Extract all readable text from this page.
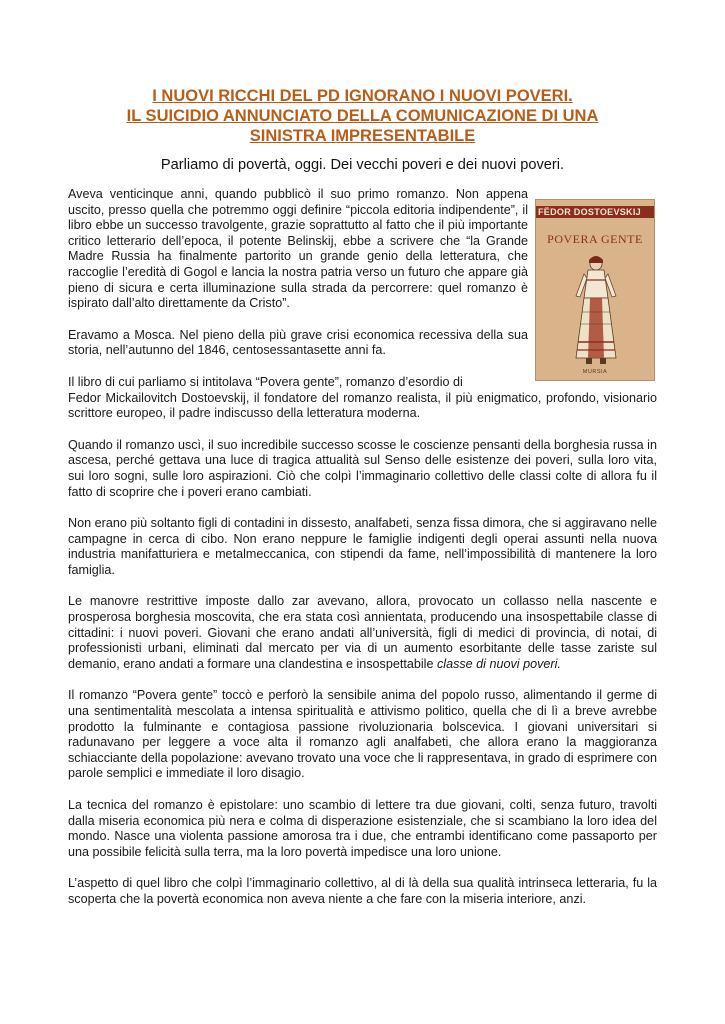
I NUOVI RICCHI DEL PD IGNORANO I NUOVI POVERI.
IL SUICIDIO ANNUNCIATO DELLA COMUNICAZIONE DI UNA
SINISTRA IMPRESENTABILE
Parliamo di povertà, oggi. Dei vecchi poveri e dei nuovi poveri.

Aveva venticinque anni, quando pubblicò il suo primo romanzo. Non appena uscito, presso quella che potremmo oggi definire “piccola editoria indipendente”, il libro ebbe un successo travolgente, grazie soprattutto al fatto che il più importante critico letterario dell’epoca, il potente Belinskij, ebbe a scrivere che “la Grande Madre Russia ha finalmente partorito un grande genio della letteratura, che raccoglie l’eredità di Gogol e lancia la nostra patria verso un futuro che appare già pieno di sicura e certa illuminazione sulla strada da percorrere: quel romanzo è ispirato dall’alto direttamente da Cristo”.

Eravamo a Mosca. Nel pieno della più grave crisi economica recessiva della sua storia, nell’autunno del 1846, centosessantasette anni fa.

Il libro di cui parliamo si intitolava “Povera gente”, romanzo d’esordio di
Fedor Mickailovitch Dostoevskij, il fondatore del romanzo realista, il più enigmatico, profondo, visionario scrittore europeo, il padre indiscusso della letteratura moderna.

Quando il romanzo uscì, il suo incredibile successo scosse le coscienze pensanti della borghesia russa in ascesa, perché gettava una luce di tragica attualità sul Senso delle esistenze dei poveri, sulla loro vita, sui loro sogni, sulle loro aspirazioni. Ciò che colpì l’immaginario collettivo delle classi colte di allora fu il fatto di scoprire che i poveri erano cambiati.

Non erano più soltanto figli di contadini in dissesto, analfabeti, senza fissa dimora, che si aggiravano nelle campagne in cerca di cibo. Non erano neppure le famiglie indigenti degli operai assunti nella nuova industria manifatturiera e metalmeccanica, con stipendi da fame, nell’impossibilità di mantenere la loro famiglia.

Le manovre restrittive imposte dallo zar avevano, allora, provocato un collasso nella nascente e prosperosa borghesia moscovita, che era stata così annientata, producendo una insospettabile classe di cittadini: i nuovi poveri. Giovani che erano andati all’università, figli di medici di provincia, di notai, di professionisti urbani, eliminati dal mercato per via di un aumento esorbitante delle tasse zariste sul demanio, erano andati a formare una clandestina e insospettabile classe di nuovi poveri.

Il romanzo “Povera gente” toccò e perforò la sensibile anima del popolo russo, alimentando il germe di una sentimentalità mescolata a intensa spiritualità e attivismo politico, quella che di lì a breve avrebbe prodotto la fulminante e contagiosa passione rivoluzionaria bolscevica. I giovani universitari si radunavano per leggere a voce alta il romanzo agli analfabeti, che allora erano la maggioranza schiacciante della popolazione: avevano trovato una voce che li rappresentava, in grado di esprimere con parole semplici e immediate il loro disagio.

La tecnica del romanzo è epistolare: uno scambio di lettere tra due giovani, colti, senza futuro, travolti dalla miseria economica più nera e colma di disperazione esistenziale, che si scambiano la loro idea del mondo. Nasce una violenta passione amorosa tra i due, che entrambi identificano come passaporto per una possibile felicità sulla terra, ma la loro povertà impedisce una loro unione.

L’aspetto di quel libro che colpì l’immaginario collettivo, al di là della sua qualità intrinseca letteraria, fu la scoperta che la povertà economica non aveva niente a che fare con la miseria interiore, anzi.

FËDOR DOSTOEVSKIJ
POVERA GENTE
MURSIA
